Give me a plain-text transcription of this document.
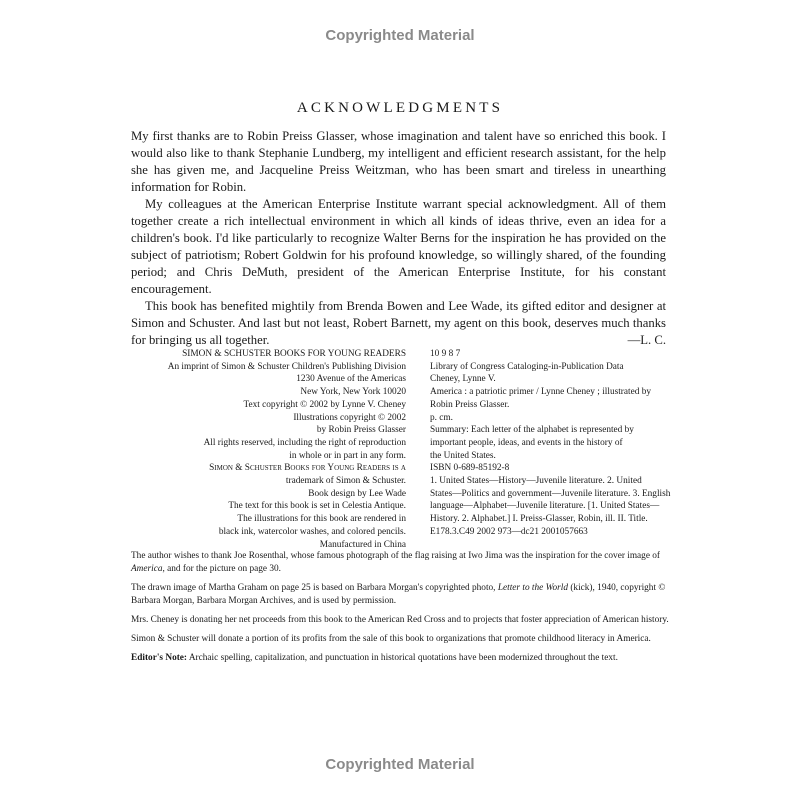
Copyrighted Material
ACKNOWLEDGMENTS

My first thanks are to Robin Preiss Glasser, whose imagination and talent have so enriched this book. I would also like to thank Stephanie Lundberg, my intelligent and efficient research assistant, for the help she has given me, and Jacqueline Preiss Weitzman, who has been smart and tireless in unearthing information for Robin.

My colleagues at the American Enterprise Institute warrant special acknowledgment. All of them together create a rich intellectual environment in which all kinds of ideas thrive, even an idea for a children's book. I'd like particularly to recognize Walter Berns for the inspiration he has provided on the subject of patriotism; Robert Goldwin for his profound knowledge, so willingly shared, of the founding period; and Chris DeMuth, president of the American Enterprise Institute, for his constant encouragement.

This book has benefited mightily from Brenda Bowen and Lee Wade, its gifted editor and designer at Simon and Schuster. And last but not least, Robert Barnett, my agent on this book, deserves much thanks for bringing us all together.	—L. C.

SIMON & SCHUSTER BOOKS FOR YOUNG READERS
An imprint of Simon & Schuster Children's Publishing Division
1230 Avenue of the Americas
New York, New York 10020
Text copyright © 2002 by Lynne V. Cheney
Illustrations copyright © 2002
by Robin Preiss Glasser
All rights reserved, including the right of reproduction
in whole or in part in any form.
Simon & Schuster Books for Young Readers is a
trademark of Simon & Schuster.
Book design by Lee Wade
The text for this book is set in Celestia Antique.
The illustrations for this book are rendered in
black ink, watercolor washes, and colored pencils.
Manufactured in China
10 9 8 7
Library of Congress Cataloging-in-Publication Data
Cheney, Lynne V.
America : a patriotic primer / Lynne Cheney ; illustrated by
Robin Preiss Glasser.
p. cm.
Summary: Each letter of the alphabet is represented by
important people, ideas, and events in the history of
the United States.
ISBN 0-689-85192-8
1. United States—History—Juvenile literature. 2. United
States—Politics and government—Juvenile literature. 3. English
language—Alphabet—Juvenile literature. [1. United States—
History. 2. Alphabet.] I. Preiss-Glasser, Robin, ill. II. Title.
E178.3.C49 2002 973—dc21 2001057663

The author wishes to thank Joe Rosenthal, whose famous photograph of the flag raising at Iwo Jima was the inspiration for the cover image of America, and for the picture on page 30.

The drawn image of Martha Graham on page 25 is based on Barbara Morgan's copyrighted photo, Letter to the World (kick), 1940, copyright © Barbara Morgan, Barbara Morgan Archives, and is used by permission.

Mrs. Cheney is donating her net proceeds from this book to the American Red Cross and to projects that foster appreciation of American history.

Simon & Schuster will donate a portion of its profits from the sale of this book to organizations that promote childhood literacy in America.

Editor's Note: Archaic spelling, capitalization, and punctuation in historical quotations have been modernized throughout the text.

Copyrighted Material
